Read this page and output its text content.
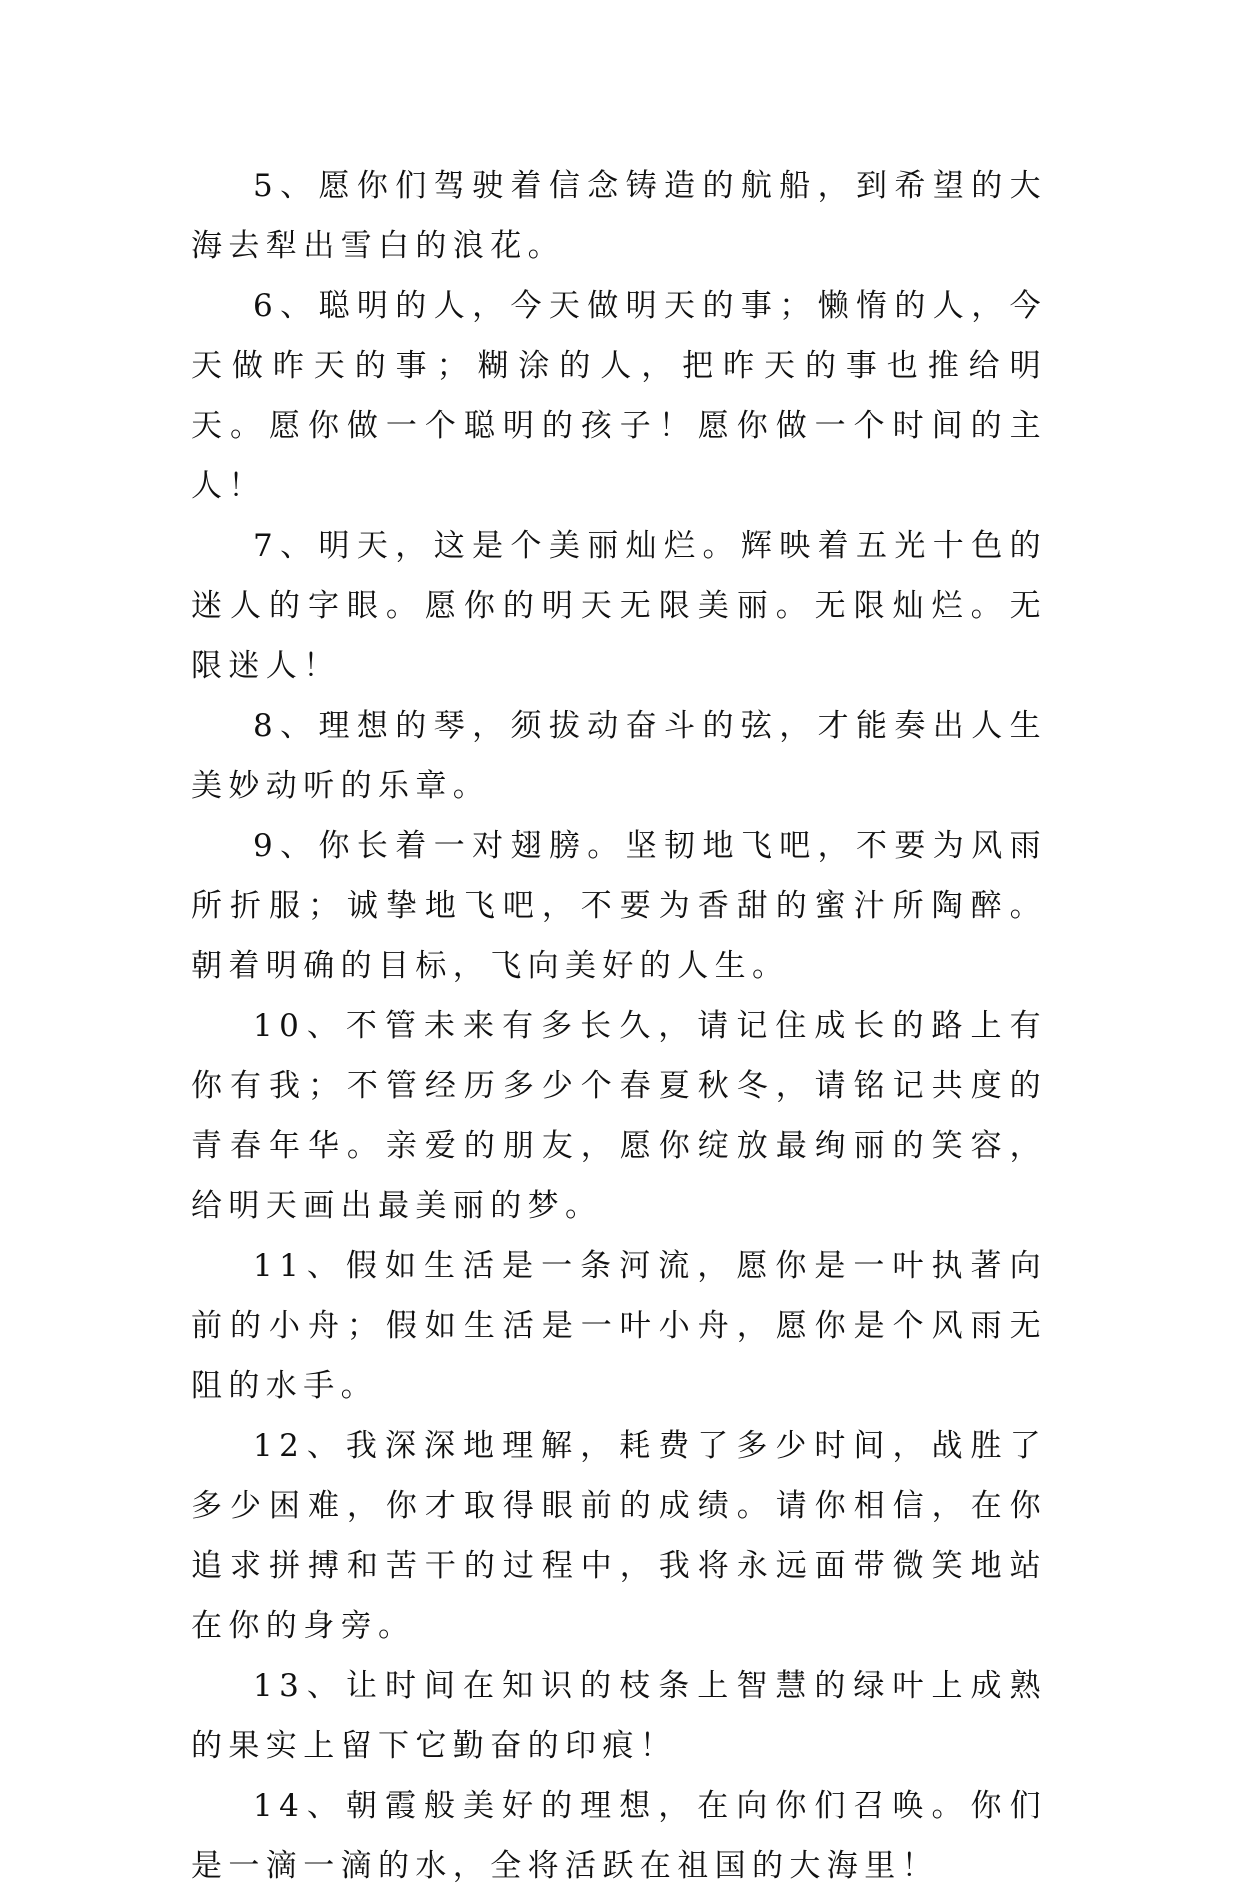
5、愿你们驾驶着信念铸造的航船，到希望的大海去犁出雪白的浪花。

6、聪明的人，今天做明天的事；懒惰的人，今天做昨天的事；糊涂的人，把昨天的事也推给明天。愿你做一个聪明的孩子！愿你做一个时间的主人！

7、明天，这是个美丽灿烂。辉映着五光十色的迷人的字眼。愿你的明天无限美丽。无限灿烂。无限迷人！

8、理想的琴，须拔动奋斗的弦，才能奏出人生美妙动听的乐章。

9、你长着一对翅膀。坚韧地飞吧，不要为风雨所折服；诚挚地飞吧，不要为香甜的蜜汁所陶醉。朝着明确的目标，飞向美好的人生。

10、不管未来有多长久，请记住成长的路上有你有我；不管经历多少个春夏秋冬，请铭记共度的青春年华。亲爱的朋友，愿你绽放最绚丽的笑容，给明天画出最美丽的梦。

11、假如生活是一条河流，愿你是一叶执著向前的小舟；假如生活是一叶小舟，愿你是个风雨无阻的水手。

12、我深深地理解，耗费了多少时间，战胜了多少困难，你才取得眼前的成绩。请你相信，在你追求拼搏和苦干的过程中，我将永远面带微笑地站在你的身旁。

13、让时间在知识的枝条上智慧的绿叶上成熟的果实上留下它勤奋的印痕！

14、朝霞般美好的理想，在向你们召唤。你们是一滴一滴的水，全将活跃在祖国的大海里！
